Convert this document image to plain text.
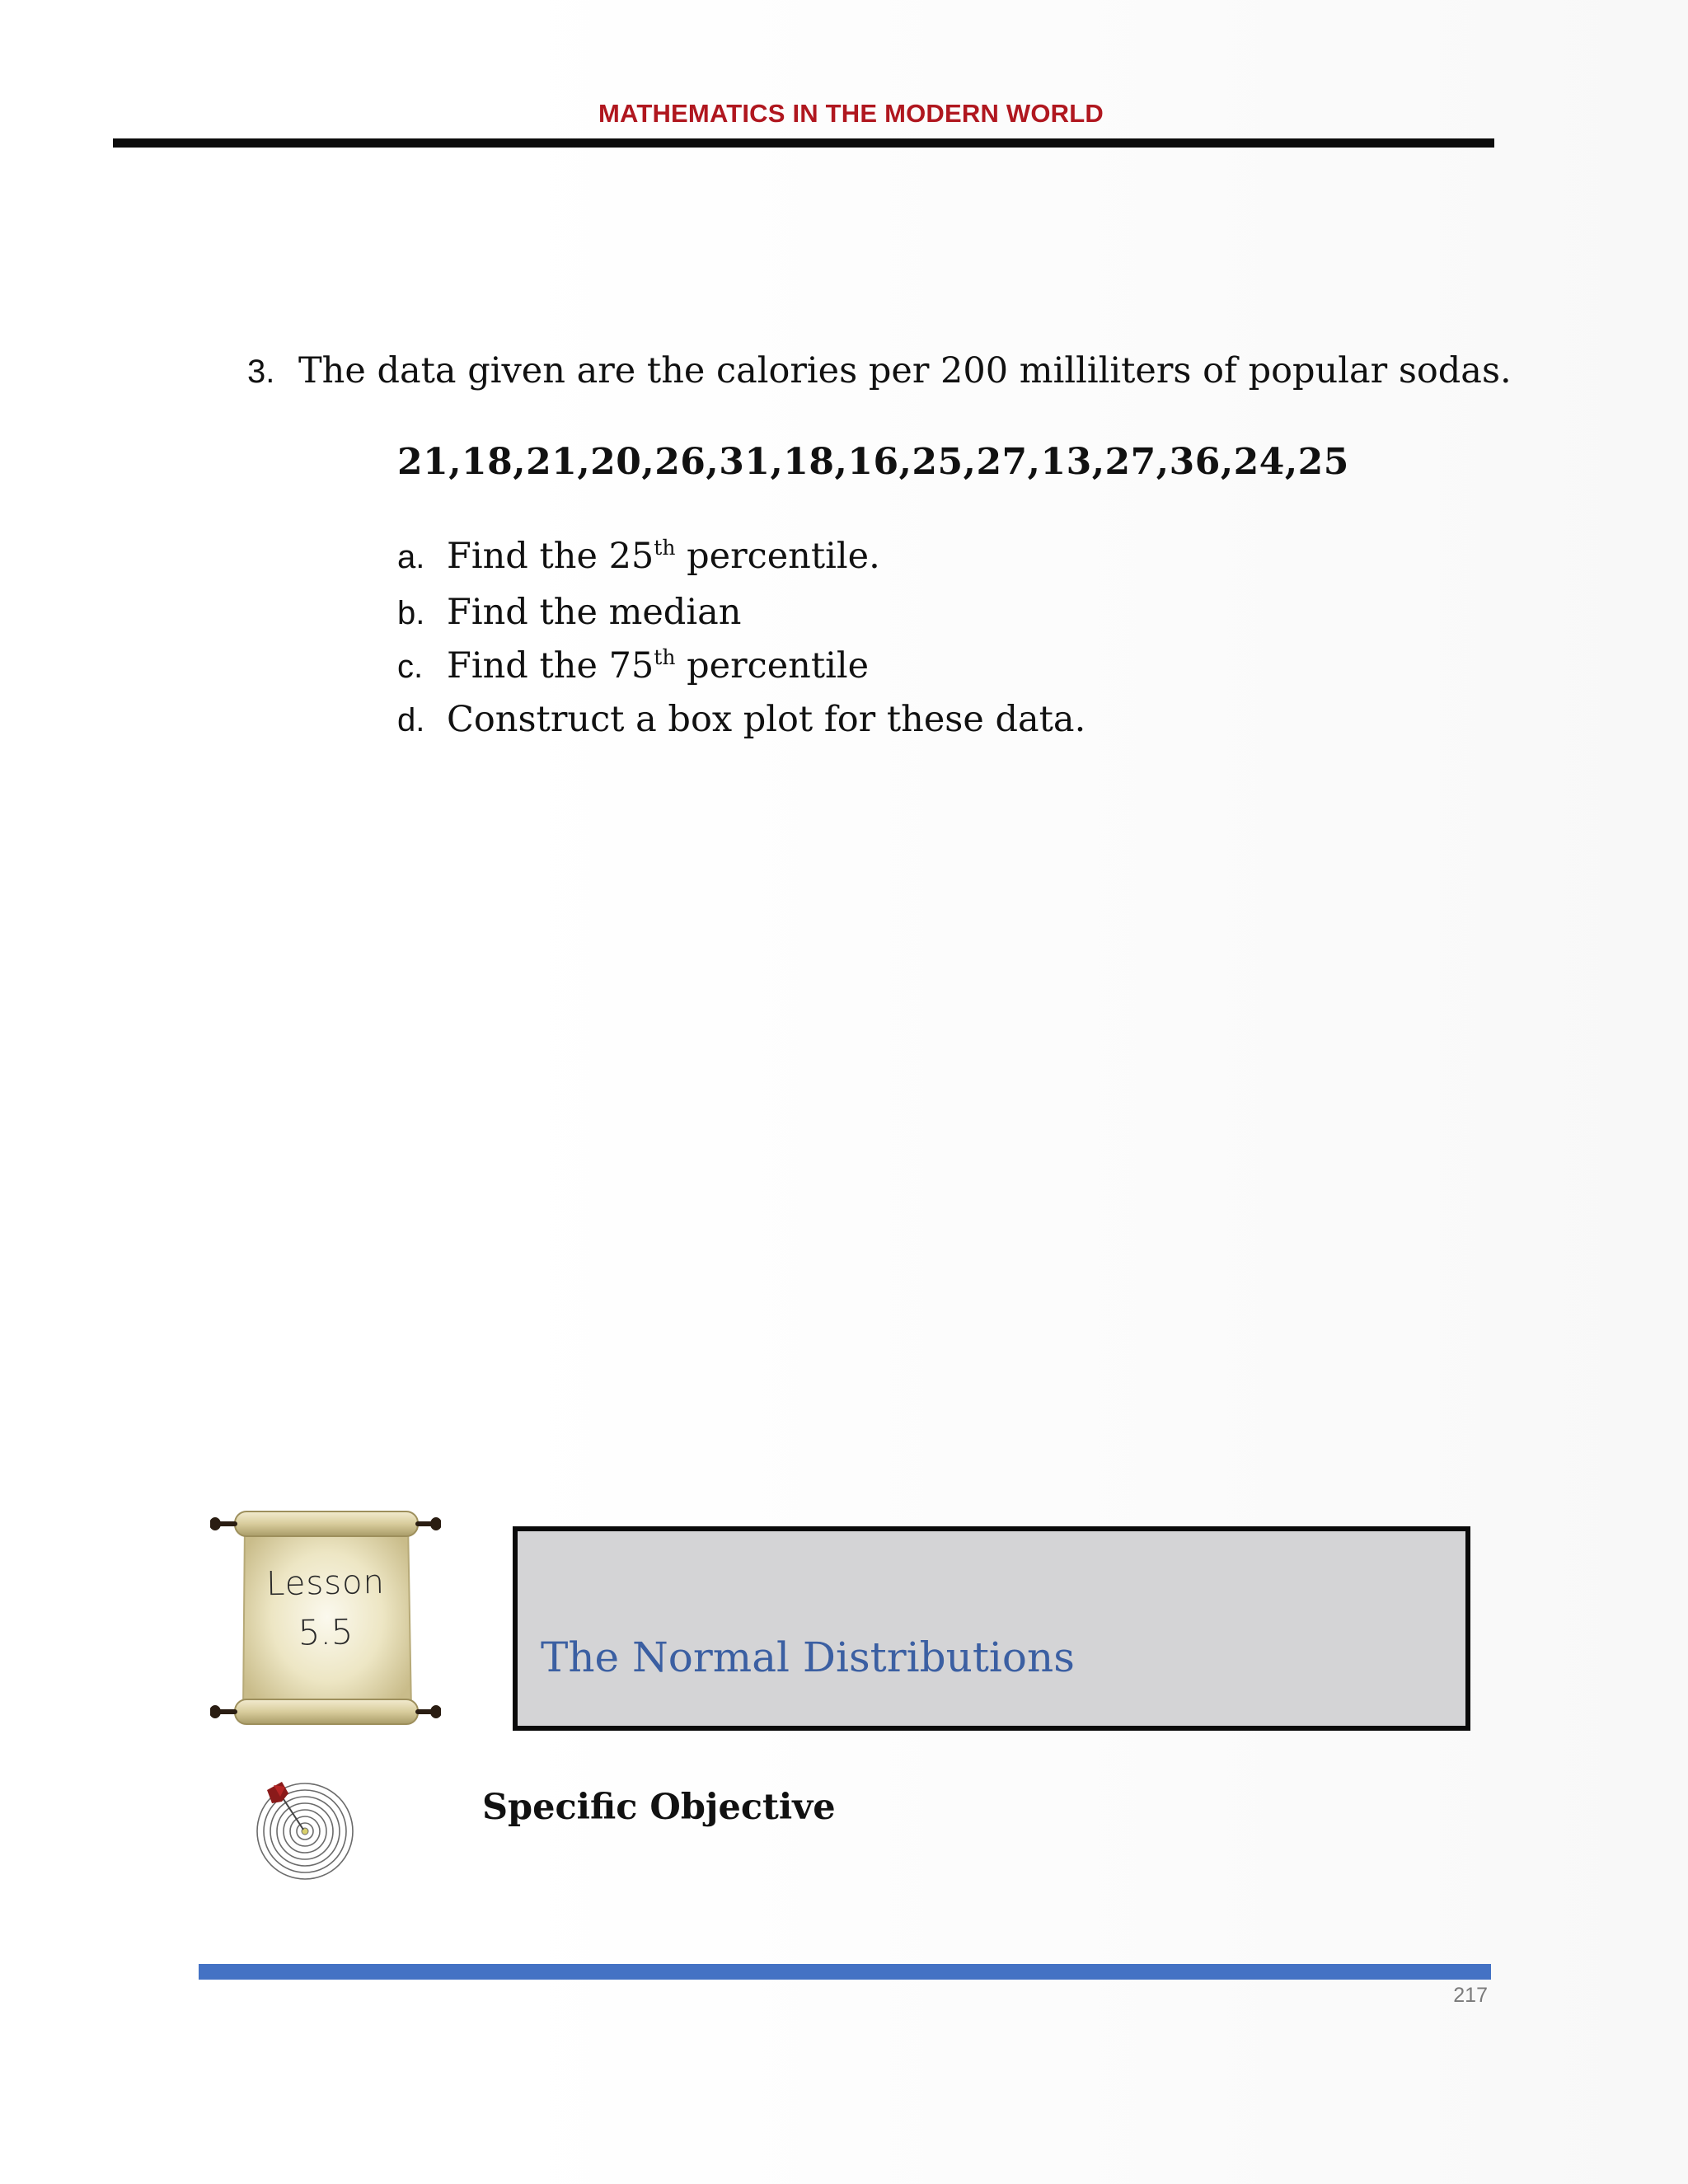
MATHEMATICS IN THE MODERN WORLD
3. The data given are the calories per 200 milliliters of popular sodas.
21,18,21,20,26,31,18,16,25,27,13,27,36,24,25
a. Find the 25th percentile.
b. Find the median
c. Find the 75th percentile
d. Construct a box plot for these data.
Lesson
5.5
The Normal Distributions
Specific Objective
217
